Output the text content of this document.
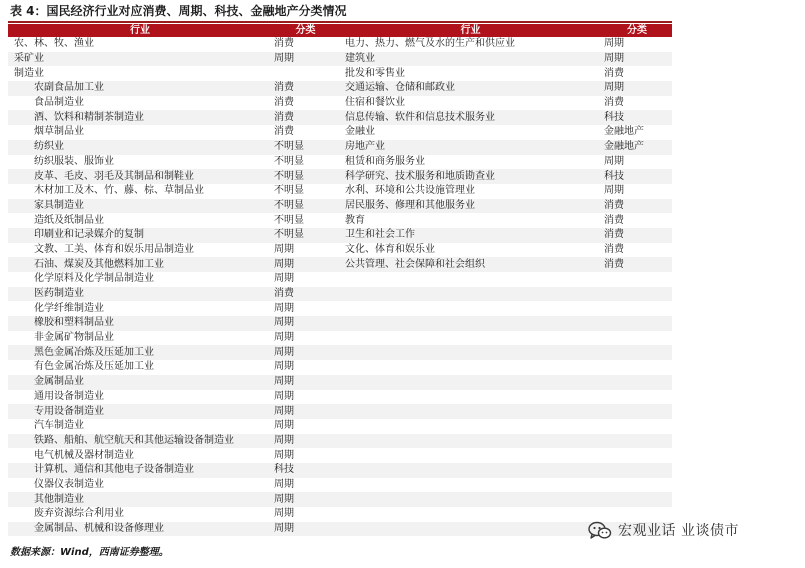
表 4：国民经济行业对应消费、周期、科技、金融地产分类情况
行业	分类	行业	分类
农、林、牧、渔业	消费	电力、热力、燃气及水的生产和供应业	周期
采矿业	周期	建筑业	周期
制造业		批发和零售业	消费
农副食品加工业	消费	交通运输、仓储和邮政业	周期
食品制造业	消费	住宿和餐饮业	消费
酒、饮料和精制茶制造业	消费	信息传输、软件和信息技术服务业	科技
烟草制品业	消费	金融业	金融地产
纺织业	不明显	房地产业	金融地产
纺织服装、服饰业	不明显	租赁和商务服务业	周期
皮革、毛皮、羽毛及其制品和制鞋业	不明显	科学研究、技术服务和地质勘查业	科技
木材加工及木、竹、藤、棕、草制品业	不明显	水利、环境和公共设施管理业	周期
家具制造业	不明显	居民服务、修理和其他服务业	消费
造纸及纸制品业	不明显	教育	消费
印刷业和记录媒介的复制	不明显	卫生和社会工作	消费
文教、工美、体育和娱乐用品制造业	周期	文化、体育和娱乐业	消费
石油、煤炭及其他燃料加工业	周期	公共管理、社会保障和社会组织	消费
化学原料及化学制品制造业	周期		
医药制造业	消费		
化学纤维制造业	周期		
橡胶和塑料制品业	周期		
非金属矿物制品业	周期		
黑色金属冶炼及压延加工业	周期		
有色金属冶炼及压延加工业	周期		
金属制品业	周期		
通用设备制造业	周期		
专用设备制造业	周期		
汽车制造业	周期		
铁路、船舶、航空航天和其他运输设备制造业	周期		
电气机械及器材制造业	周期		
计算机、通信和其他电子设备制造业	科技		
仪器仪表制造业	周期		
其他制造业	周期		
废弃资源综合利用业	周期		
金属制品、机械和设备修理业	周期		
数据来源：Wind，西南证券整理。
宏观业话 业谈债市
